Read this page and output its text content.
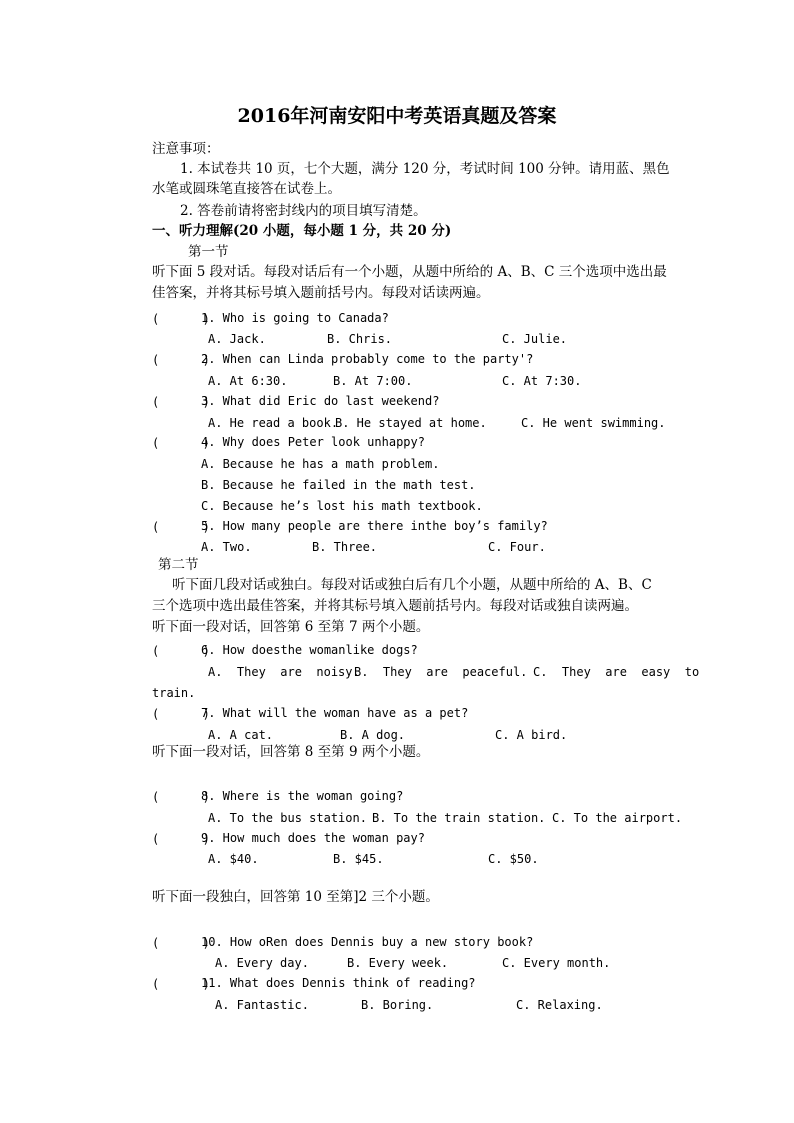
2016年河南安阳中考英语真题及答案
注意事项：
1. 本试卷共 10 页，七个大题，满分 120 分，考试时间 100 分钟。请用蓝、黑色
水笔或圆珠笔直接答在试卷上。
2. 答卷前请将密封线内的项目填写清楚。
一、听力理解(20 小题，每小题 1 分，共 20 分)
第一节
听下面 5 段对话。每段对话后有一个小题，从题中所给的 A、B、C 三个选项中选出最
佳答案，并将其标号填入题前括号内。每段对话读两遍。
(      )
1. Who is going to Canada?
A. Jack.	B. Chris.	C. Julie.
(      )
2. When can Linda probably come to the party'?
A. At 6:30.	B. At 7:00.	C. At 7:30.
(      )
3. What did Eric do last weekend?
A. He read a book.
B. He stayed at home.	C. He went swimming.
(      )
4. Why does Peter look unhappy?
A. Because he has a math problem.
B. Because he failed in the math test.
C. Because he’s lost his math textbook.
(      )
5. How many people are there inthe boy’s family?
A. Two.	B. Three.	C. Four.
第二节
听下面几段对话或独白。每段对话或独白后有几个小题，从题中所给的 A、B、C
三个选项中选出最佳答案，并将其标号填入题前括号内。每段对话或独自读两遍。
听下面一段对话，回答第 6 至第 7 两个小题。
(      )
6. How doesthe womanlike dogs?
A.  They  are  noisy.
B.  They  are  peaceful. C.  They  are  easy  to
train.
(      )
7. What will the woman have as a pet?
A. A cat.	B. A dog.	C. A bird.
听下面一段对话，回答第 8 至第 9 两个小题。
(      )
8. Where is the woman going?
A. To the bus station. B. To the train station. C. To the airport.
(      )
9. How much does the woman pay?
A. $40.	B. $45.	C. $50.
听下面一段独白，回答第 10 至第]2 三个小题。
(      )
10. How oRen does Dennis buy a new story book?
A. Every day.	B. Every week.	C. Every month.
(      )
11. What does Dennis think of reading?
A. Fantastic.	B. Boring.	C. Relaxing.
